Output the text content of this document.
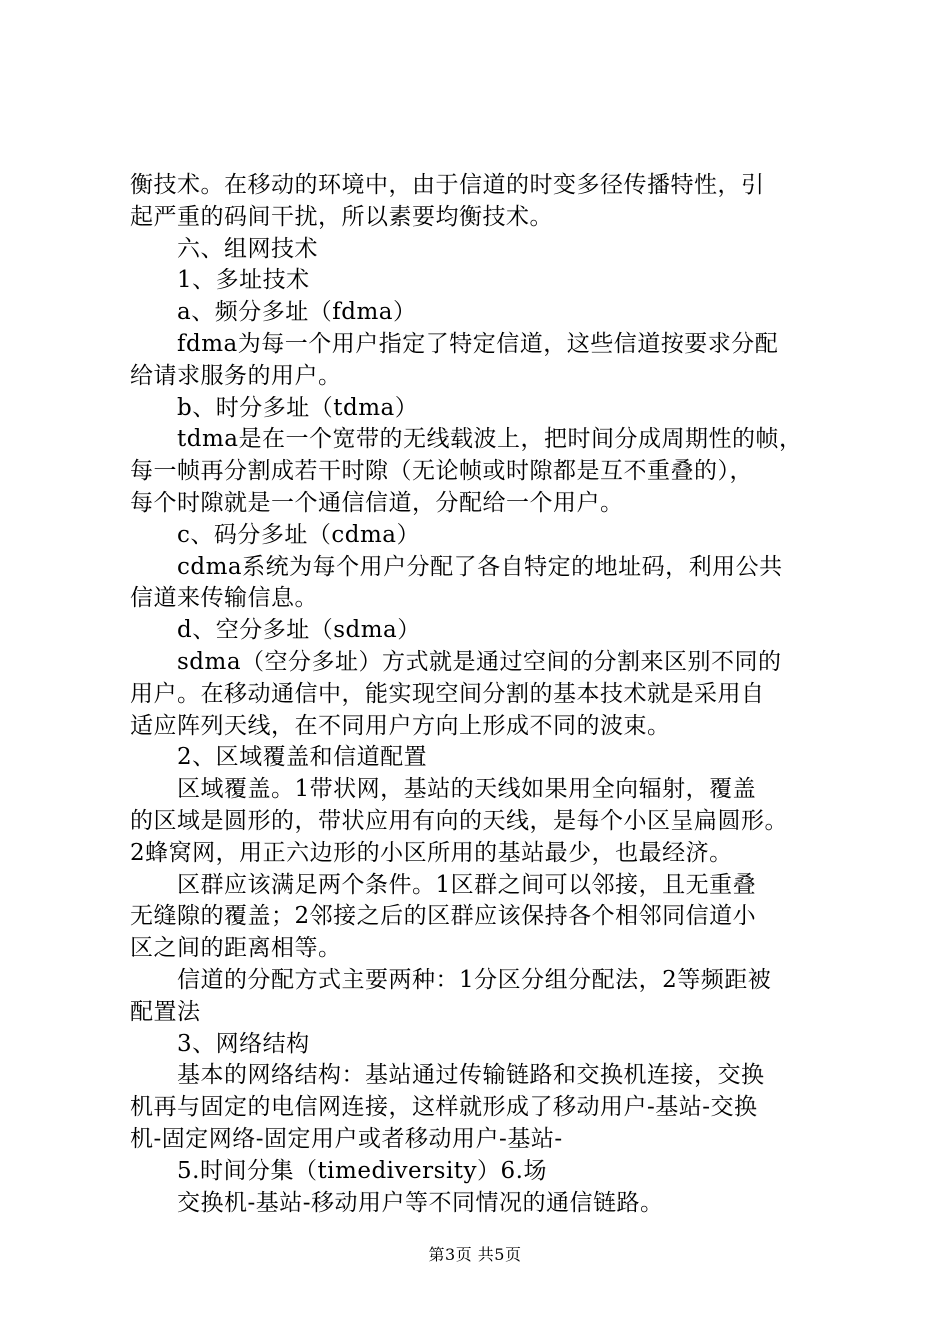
衡技术。在移动的环境中，由于信道的时变多径传播特性，引
起严重的码间干扰，所以素要均衡技术。
六、组网技术
1、多址技术
a、频分多址（fdma）
fdma为每一个用户指定了特定信道，这些信道按要求分配
给请求服务的用户。
b、时分多址（tdma）
tdma是在一个宽带的无线载波上，把时间分成周期性的帧，
每一帧再分割成若干时隙（无论帧或时隙都是互不重叠的），
每个时隙就是一个通信信道，分配给一个用户。
c、码分多址（cdma）
cdma系统为每个用户分配了各自特定的地址码，利用公共
信道来传输信息。
d、空分多址（sdma）
sdma（空分多址）方式就是通过空间的分割来区别不同的
用户。在移动通信中，能实现空间分割的基本技术就是采用自
适应阵列天线，在不同用户方向上形成不同的波束。
2、区域覆盖和信道配置
区域覆盖。1带状网，基站的天线如果用全向辐射，覆盖
的区域是圆形的，带状应用有向的天线，是每个小区呈扁圆形。
2蜂窝网，用正六边形的小区所用的基站最少，也最经济。
区群应该满足两个条件。1区群之间可以邻接，且无重叠
无缝隙的覆盖；2邻接之后的区群应该保持各个相邻同信道小
区之间的距离相等。
信道的分配方式主要两种：1分区分组分配法，2等频距被
配置法
3、网络结构
基本的网络结构：基站通过传输链路和交换机连接，交换
机再与固定的电信网连接，这样就形成了移动用户-基站-交换
机-固定网络-固定用户或者移动用户-基站-
5.时间分集（timediversity）6.场
交换机-基站-移动用户等不同情况的通信链路。
第3页 共5页
